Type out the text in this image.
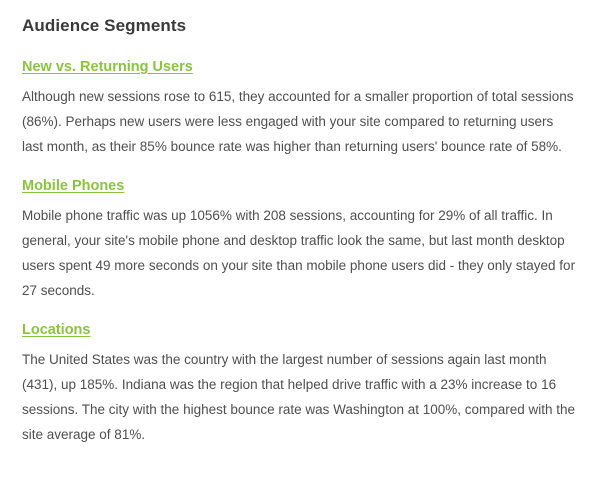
Audience Segments
New vs. Returning Users

Although new sessions rose to 615, they accounted for a smaller proportion of total sessions (86%). Perhaps new users were less engaged with your site compared to returning users last month, as their 85% bounce rate was higher than returning users' bounce rate of 58%.

Mobile Phones

Mobile phone traffic was up 1056% with 208 sessions, accounting for 29% of all traffic. In general, your site's mobile phone and desktop traffic look the same, but last month desktop users spent 49 more seconds on your site than mobile phone users did - they only stayed for 27 seconds.

Locations

The United States was the country with the largest number of sessions again last month (431), up 185%. Indiana was the region that helped drive traffic with a 23% increase to 16 sessions. The city with the highest bounce rate was Washington at 100%, compared with the site average of 81%.
